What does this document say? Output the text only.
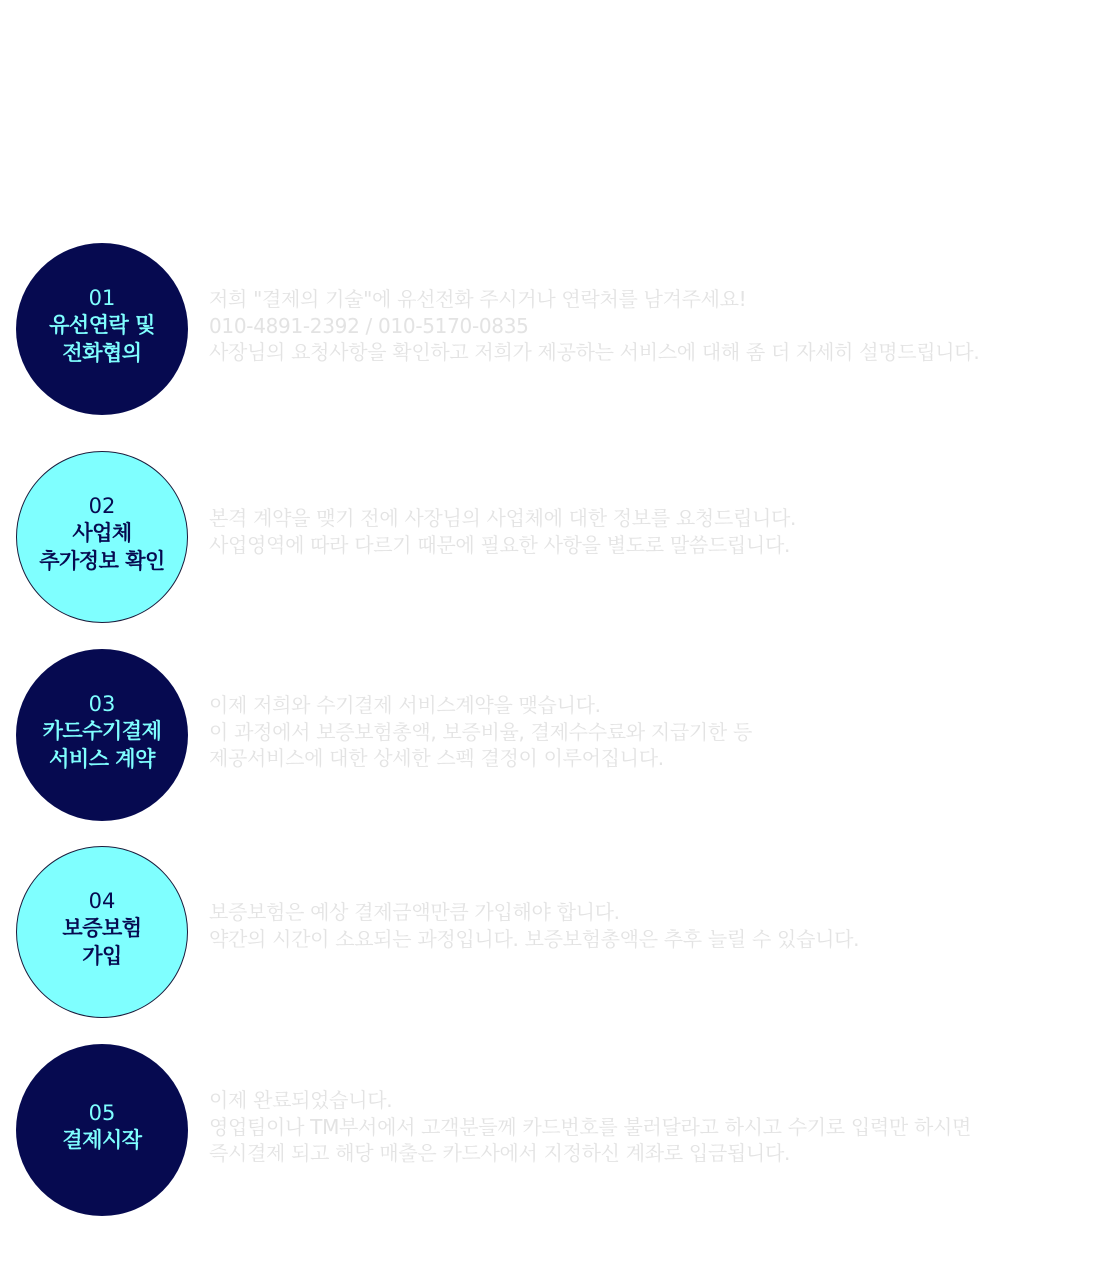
01
유선연락 및
전화협의
저희 "결제의 기술"에 유선전화 주시거나 연락처를 남겨주세요!
010-4891-2392 / 010-5170-0835
사장님의 요청사항을 확인하고 저희가 제공하는 서비스에 대해 좀 더 자세히 설명드립니다.
02
사업체
추가정보 확인
본격 계약을 맺기 전에 사장님의 사업체에 대한 정보를 요청드립니다.
사업영역에 따라 다르기 때문에 필요한 사항을 별도로 말씀드립니다.
03
카드수기결제
서비스 계약
이제 저희와 수기결제 서비스계약을 맺습니다.
이 과정에서 보증보험총액, 보증비율, 결제수수료와 지급기한 등
제공서비스에 대한 상세한 스펙 결정이 이루어집니다.
04
보증보험
가입
보증보험은 예상 결제금액만큼 가입해야 합니다.
약간의 시간이 소요되는 과정입니다. 보증보험총액은 추후 늘릴 수 있습니다.
05
결제시작
이제 완료되었습니다.
영업팀이나 TM부서에서 고객분들께 카드번호를 불러달라고 하시고 수기로 입력만 하시면
즉시결제 되고 해당 매출은 카드사에서 지정하신 계좌로 입금됩니다.
